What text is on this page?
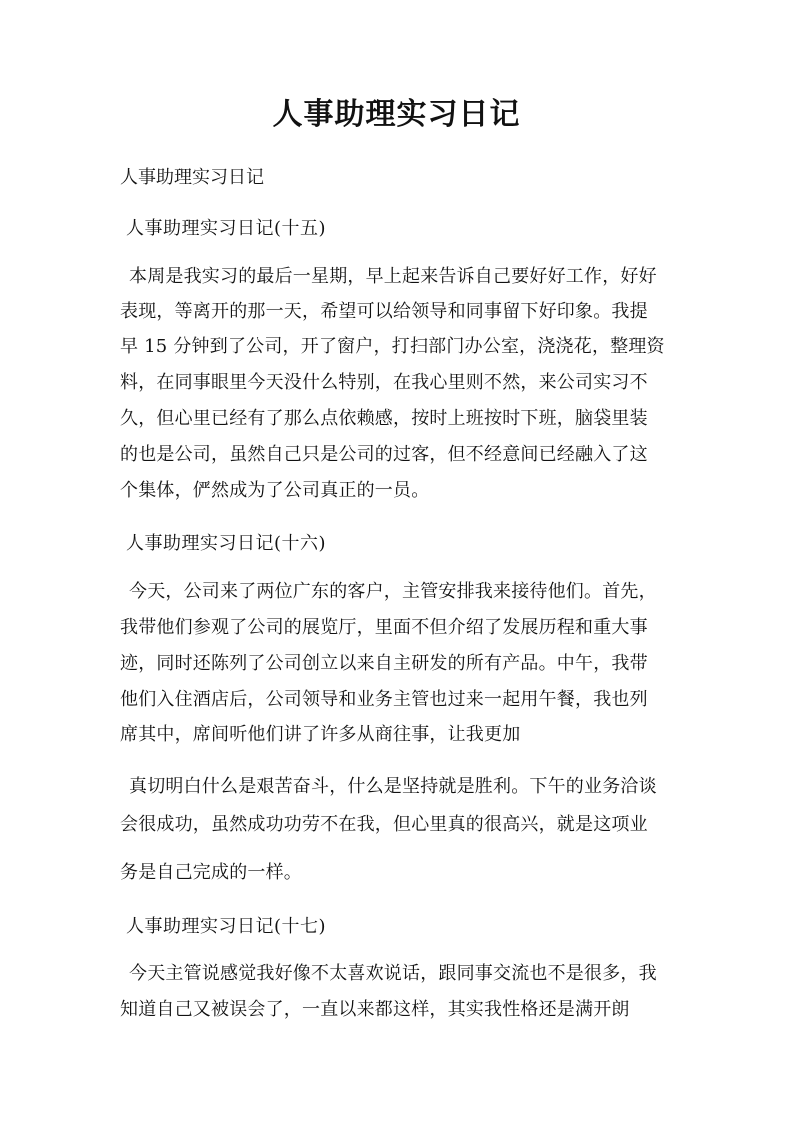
人事助理实习日记
人事助理实习日记
人事助理实习日记(十五)
本周是我实习的最后一星期，早上起来告诉自己要好好工作，好好
表现，等离开的那一天，希望可以给领导和同事留下好印象。我提
早 15 分钟到了公司，开了窗户，打扫部门办公室，浇浇花，整理资
料，在同事眼里今天没什么特别，在我心里则不然，来公司实习不
久，但心里已经有了那么点依赖感，按时上班按时下班，脑袋里装
的也是公司，虽然自己只是公司的过客，但不经意间已经融入了这
个集体，俨然成为了公司真正的一员。
人事助理实习日记(十六)
今天，公司来了两位广东的客户，主管安排我来接待他们。首先，
我带他们参观了公司的展览厅，里面不但介绍了发展历程和重大事
迹，同时还陈列了公司创立以来自主研发的所有产品。中午，我带
他们入住酒店后，公司领导和业务主管也过来一起用午餐，我也列
席其中，席间听他们讲了许多从商往事，让我更加
真切明白什么是艰苦奋斗，什么是坚持就是胜利。下午的业务洽谈
会很成功，虽然成功功劳不在我，但心里真的很高兴，就是这项业
务是自己完成的一样。
人事助理实习日记(十七)
今天主管说感觉我好像不太喜欢说话，跟同事交流也不是很多，我
知道自己又被误会了，一直以来都这样，其实我性格还是满开朗
